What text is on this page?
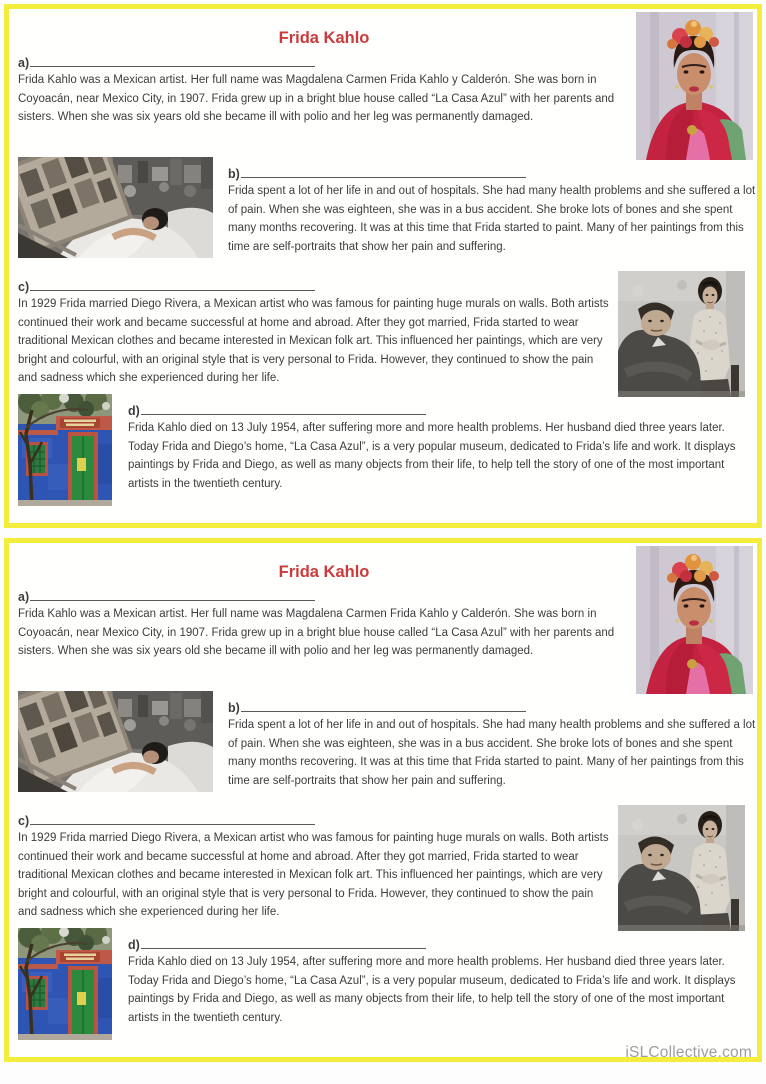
Frida Kahlo
a)

Frida Kahlo was a Mexican artist. Her full name was Magdalena Carmen Frida Kahlo y Calderón. She was born in Coyoacán, near Mexico City, in 1907. Frida grew up in a bright blue house called “La Casa Azul” with her parents and sisters. When she was six years old she became ill with polio and her leg was permanently damaged.

b)

Frida spent a lot of her life in and out of hospitals. She had many health problems and she suffered a lot of pain. When she was eighteen, she was in a bus accident. She broke lots of bones and she spent many months recovering. It was at this time that Frida started to paint. Many of her paintings from this time are self-portraits that show her pain and suffering.

c)

In 1929 Frida married Diego Rivera, a Mexican artist who was famous for painting huge murals on walls. Both artists continued their work and became successful at home and abroad. After they got married, Frida started to wear traditional Mexican clothes and became interested in Mexican folk art. This influenced her paintings, which are very bright and colourful, with an original style that is very personal to Frida. However, they continued to show the pain and sadness which she experienced during her life.

d)

Frida Kahlo died on 13 July 1954, after suffering more and more health problems. Her husband died three years later. Today Frida and Diego’s home, “La Casa Azul”, is a very popular museum, dedicated to Frida’s life and work. It displays paintings by Frida and Diego, as well as many objects from their life, to help tell the story of one of the most important artists in the twentieth century.

Frida Kahlo
a)

Frida Kahlo was a Mexican artist. Her full name was Magdalena Carmen Frida Kahlo y Calderón. She was born in Coyoacán, near Mexico City, in 1907. Frida grew up in a bright blue house called “La Casa Azul” with her parents and sisters. When she was six years old she became ill with polio and her leg was permanently damaged.

b)

Frida spent a lot of her life in and out of hospitals. She had many health problems and she suffered a lot of pain. When she was eighteen, she was in a bus accident. She broke lots of bones and she spent many months recovering. It was at this time that Frida started to paint. Many of her paintings from this time are self-portraits that show her pain and suffering.

c)

In 1929 Frida married Diego Rivera, a Mexican artist who was famous for painting huge murals on walls. Both artists continued their work and became successful at home and abroad. After they got married, Frida started to wear traditional Mexican clothes and became interested in Mexican folk art. This influenced her paintings, which are very bright and colourful, with an original style that is very personal to Frida. However, they continued to show the pain and sadness which she experienced during her life.

d)

Frida Kahlo died on 13 July 1954, after suffering more and more health problems. Her husband died three years later. Today Frida and Diego’s home, “La Casa Azul”, is a very popular museum, dedicated to Frida’s life and work. It displays paintings by Frida and Diego, as well as many objects from their life, to help tell the story of one of the most important artists in the twentieth century.

iSLCollective.com
